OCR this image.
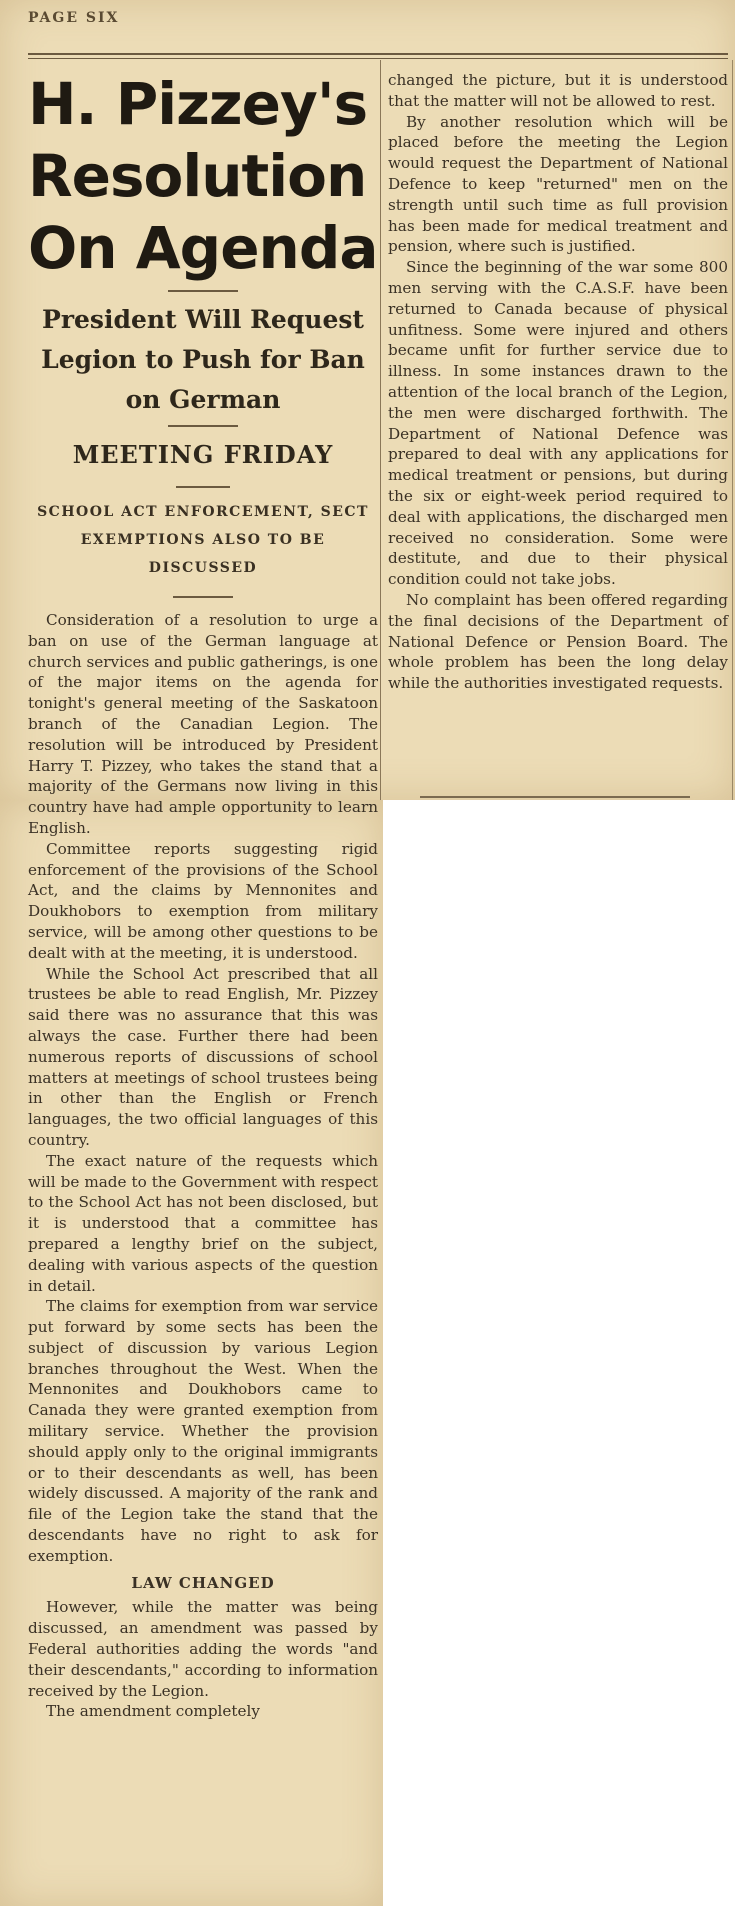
PAGE SIX
H. Pizzey's Resolution On Agenda
President Will Request Legion to Push for Ban on German
MEETING FRIDAY
SCHOOL ACT ENFORCEMENT, SECT EXEMPTIONS ALSO TO BE DISCUSSED

Consideration of a resolution to urge a ban on use of the German language at church services and public gatherings, is one of the major items on the agenda for tonight's general meeting of the Saskatoon branch of the Canadian Legion. The resolution will be introduced by President Harry T. Pizzey, who takes the stand that a majority of the Germans now living in this country have had ample opportunity to learn English.

Committee reports suggesting rigid enforcement of the provisions of the School Act, and the claims by Mennonites and Doukhobors to exemption from military service, will be among other questions to be dealt with at the meeting, it is understood.

While the School Act prescribed that all trustees be able to read English, Mr. Pizzey said there was no assurance that this was always the case. Further there had been numerous reports of discussions of school matters at meetings of school trustees being in other than the English or French languages, the two official languages of this country.

The exact nature of the requests which will be made to the Government with respect to the School Act has not been disclosed, but it is understood that a committee has prepared a lengthy brief on the subject, dealing with various aspects of the question in detail.

The claims for exemption from war service put forward by some sects has been the subject of discussion by various Legion branches throughout the West. When the Mennonites and Doukhobors came to Canada they were granted exemption from military service. Whether the provision should apply only to the original immigrants or to their descendants as well, has been widely discussed. A majority of the rank and file of the Legion take the stand that the descendants have no right to ask for exemption.

LAW CHANGED

However, while the matter was being discussed, an amendment was passed by Federal authorities adding the words "and their descendants," according to information received by the Legion.

The amendment completely

changed the picture, but it is understood that the matter will not be allowed to rest.

By another resolution which will be placed before the meeting the Legion would request the Department of National Defence to keep "returned" men on the strength until such time as full provision has been made for medical treatment and pension, where such is justified.

Since the beginning of the war some 800 men serving with the C.A.S.F. have been returned to Canada because of physical unfitness. Some were injured and others became unfit for further service due to illness. In some instances drawn to the attention of the local branch of the Legion, the men were discharged forthwith. The Department of National Defence was prepared to deal with any applications for medical treatment or pensions, but during the six or eight-week period required to deal with applications, the discharged men received no consideration. Some were destitute, and due to their physical condition could not take jobs.

No complaint has been offered regarding the final decisions of the Department of National Defence or Pension Board. The whole problem has been the long delay while the authorities investigated requests.
